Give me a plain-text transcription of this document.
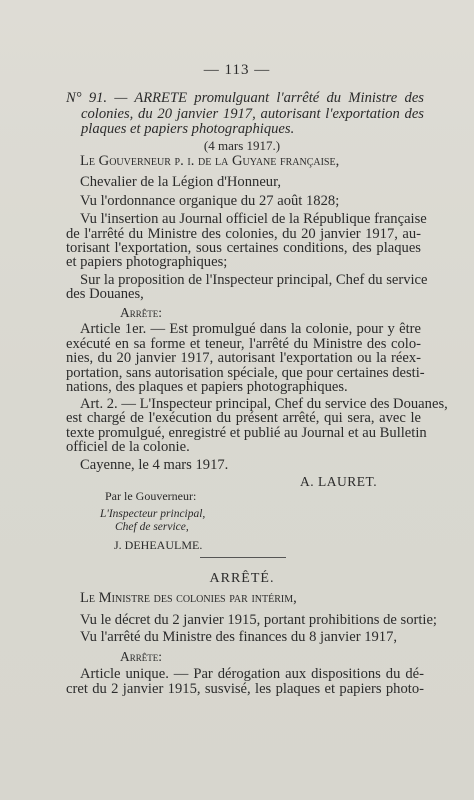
— 113 —
N° 91. — ARRETE promulguant l'arrêté du Ministre des
colonies, du 20 janvier 1917, autorisant l'exportation des
plaques et papiers photographiques.
(4 mars 1917.)
Le Gouverneur p. i. de la Guyane française,
Chevalier de la Légion d'Honneur,
Vu l'ordonnance organique du 27 août 1828;
Vu l'insertion au Journal officiel de la République française
de l'arrêté du Ministre des colonies, du 20 janvier 1917, au-
torisant l'exportation, sous certaines conditions, des plaques
et papiers photographiques;
Sur la proposition de l'Inspecteur principal, Chef du service
des Douanes,
Arrête:
Article 1er. — Est promulgué dans la colonie, pour y être
exécuté en sa forme et teneur, l'arrêté du Ministre des colo-
nies, du 20 janvier 1917, autorisant l'exportation ou la réex-
portation, sans autorisation spéciale, que pour certaines desti-
nations, des plaques et papiers photographiques.
Art. 2. — L'Inspecteur principal, Chef du service des Douanes,
est chargé de l'exécution du présent arrêté, qui sera, avec le
texte promulgué, enregistré et publié au Journal et au Bulletin
officiel de la colonie.
Cayenne, le 4 mars 1917.
A. LAURET.
Par le Gouverneur:
L'Inspecteur principal,
Chef de service,
J. DEHEAULME.
ARRÊTÉ.
Le Ministre des colonies par intérim,
Vu le décret du 2 janvier 1915, portant prohibitions de sortie;
Vu l'arrêté du Ministre des finances du 8 janvier 1917,
Arrête:
Article unique. — Par dérogation aux dispositions du dé-
cret du 2 janvier 1915, susvisé, les plaques et papiers photo-
